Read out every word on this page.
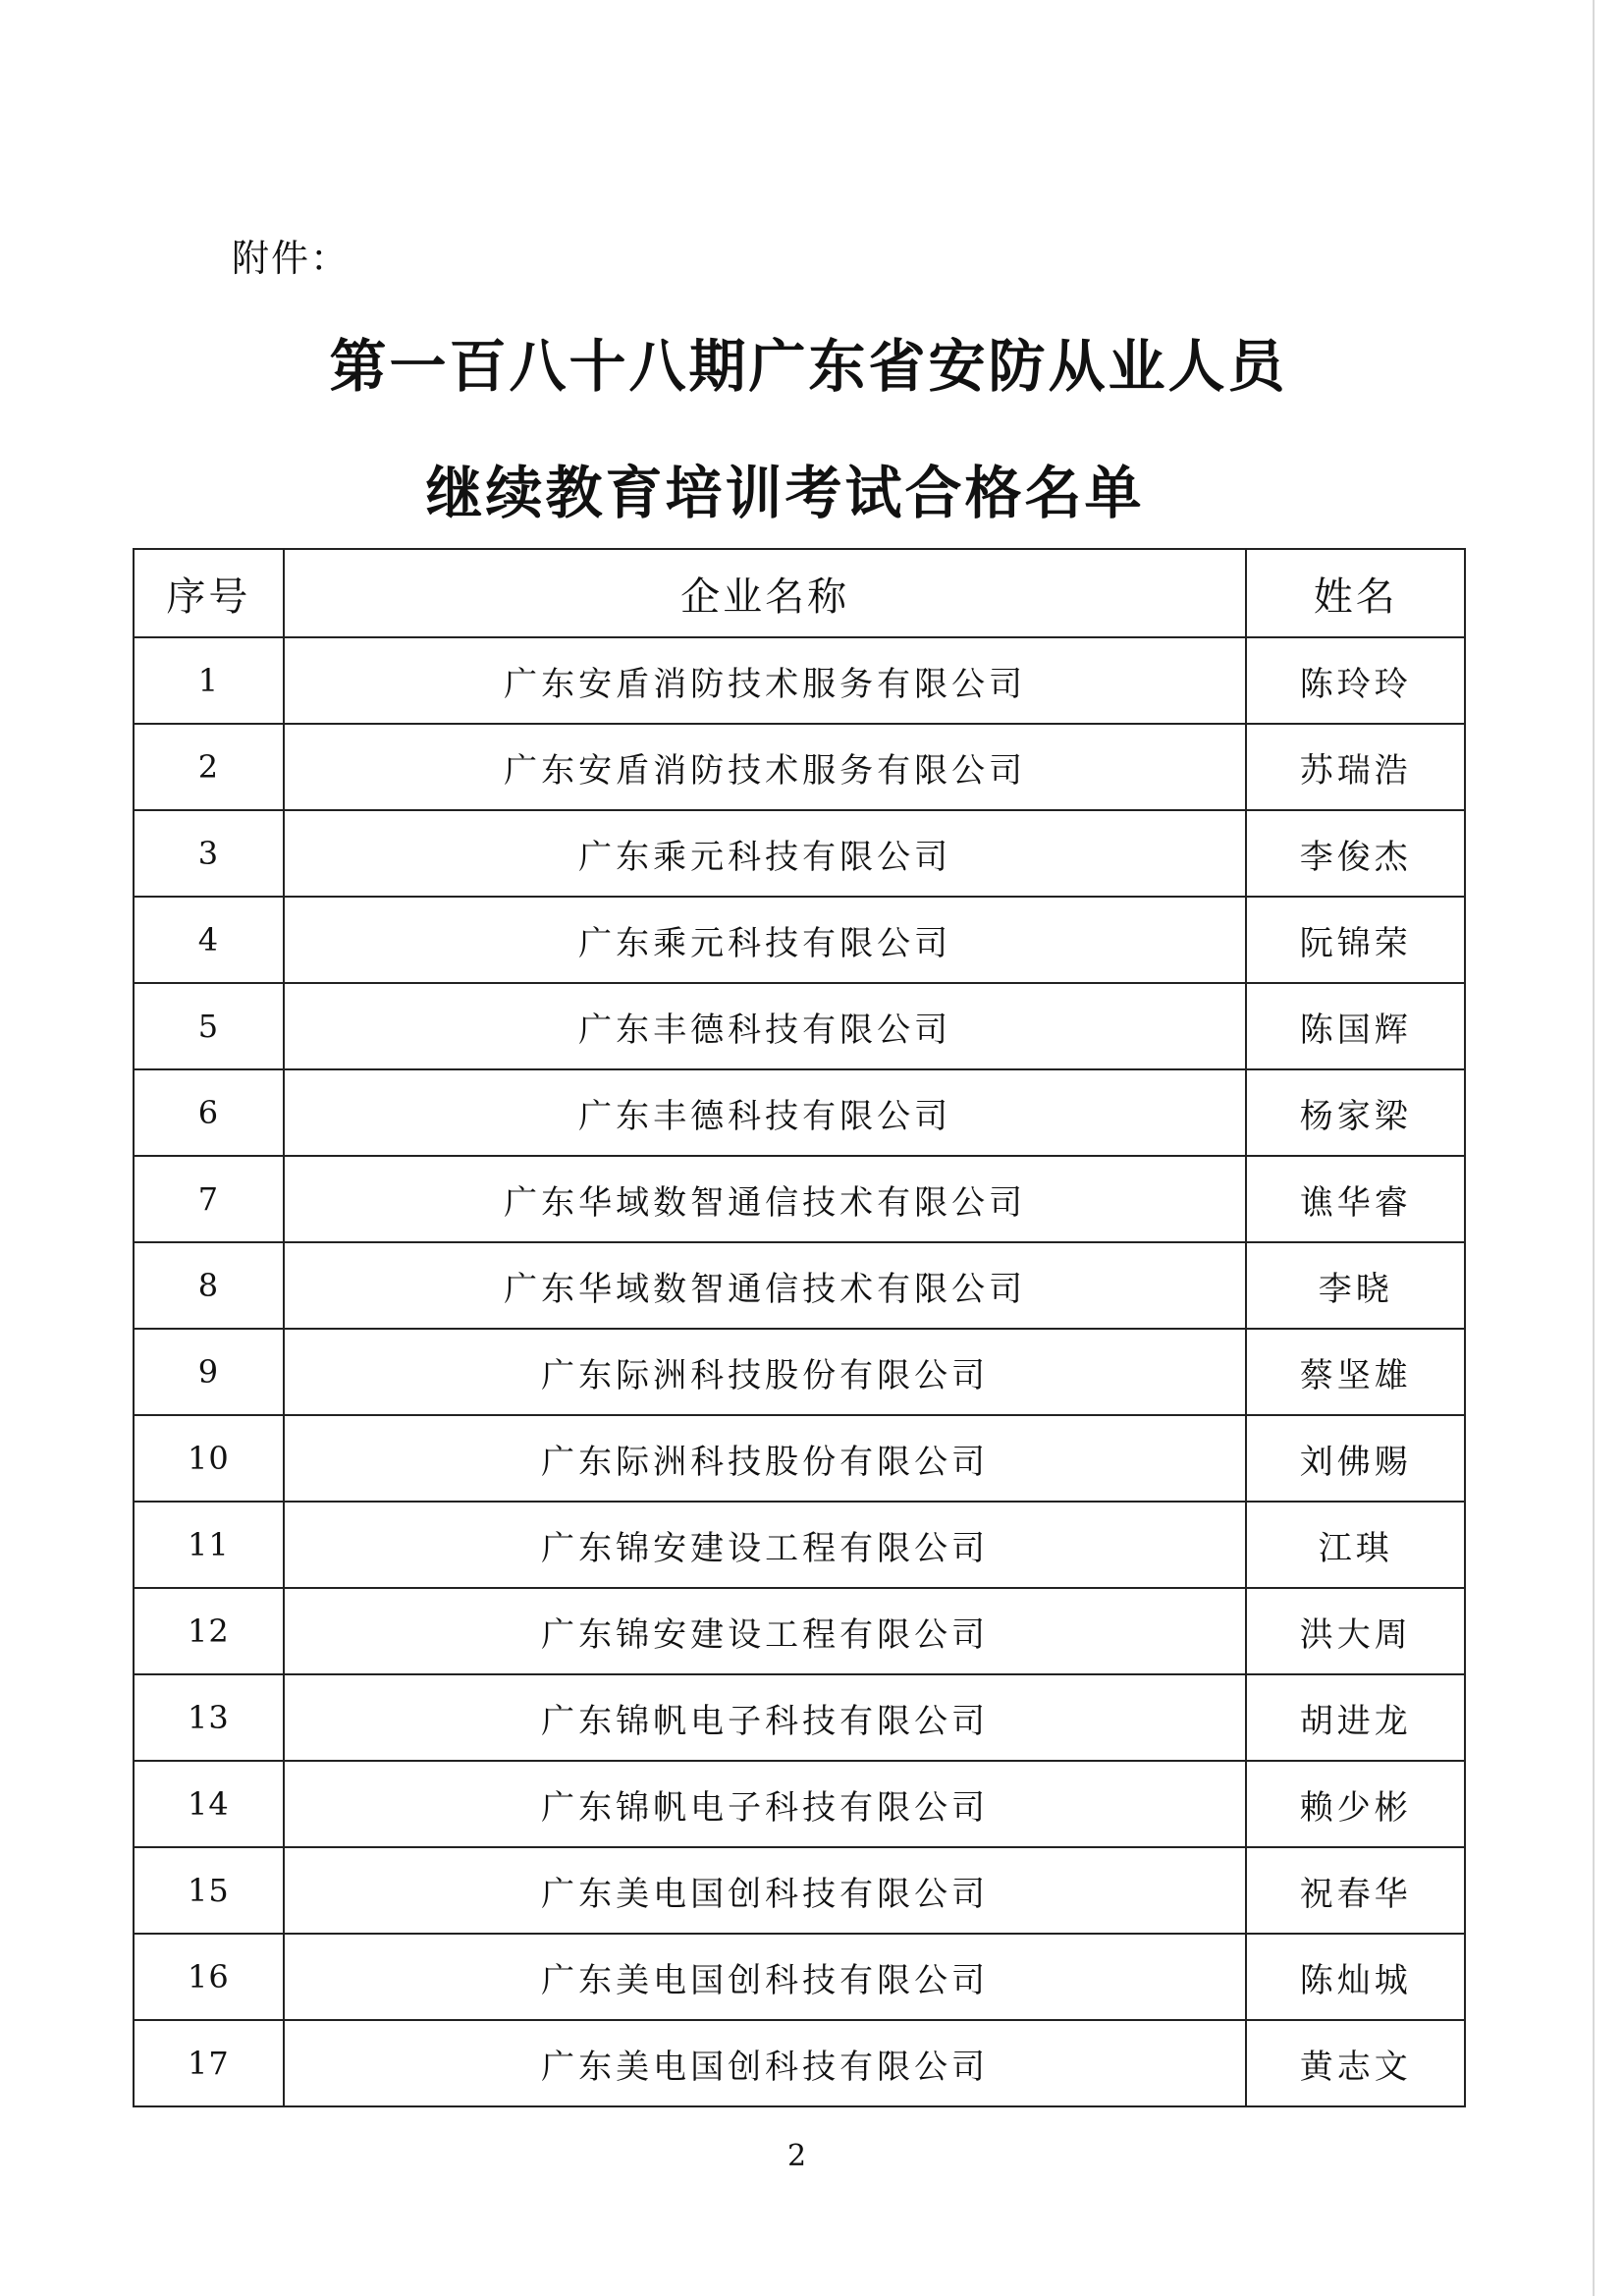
附件：
第一百八十八期广东省安防从业人员
继续教育培训考试合格名单
序号	企业名称	姓名
1	广东安盾消防技术服务有限公司	陈玲玲
2	广东安盾消防技术服务有限公司	苏瑞浩
3	广东乘元科技有限公司	李俊杰
4	广东乘元科技有限公司	阮锦荣
5	广东丰德科技有限公司	陈国辉
6	广东丰德科技有限公司	杨家梁
7	广东华域数智通信技术有限公司	谯华睿
8	广东华域数智通信技术有限公司	李晓
9	广东际洲科技股份有限公司	蔡坚雄
10	广东际洲科技股份有限公司	刘佛赐
11	广东锦安建设工程有限公司	江琪
12	广东锦安建设工程有限公司	洪大周
13	广东锦帆电子科技有限公司	胡进龙
14	广东锦帆电子科技有限公司	赖少彬
15	广东美电国创科技有限公司	祝春华
16	广东美电国创科技有限公司	陈灿城
17	广东美电国创科技有限公司	黄志文
2
